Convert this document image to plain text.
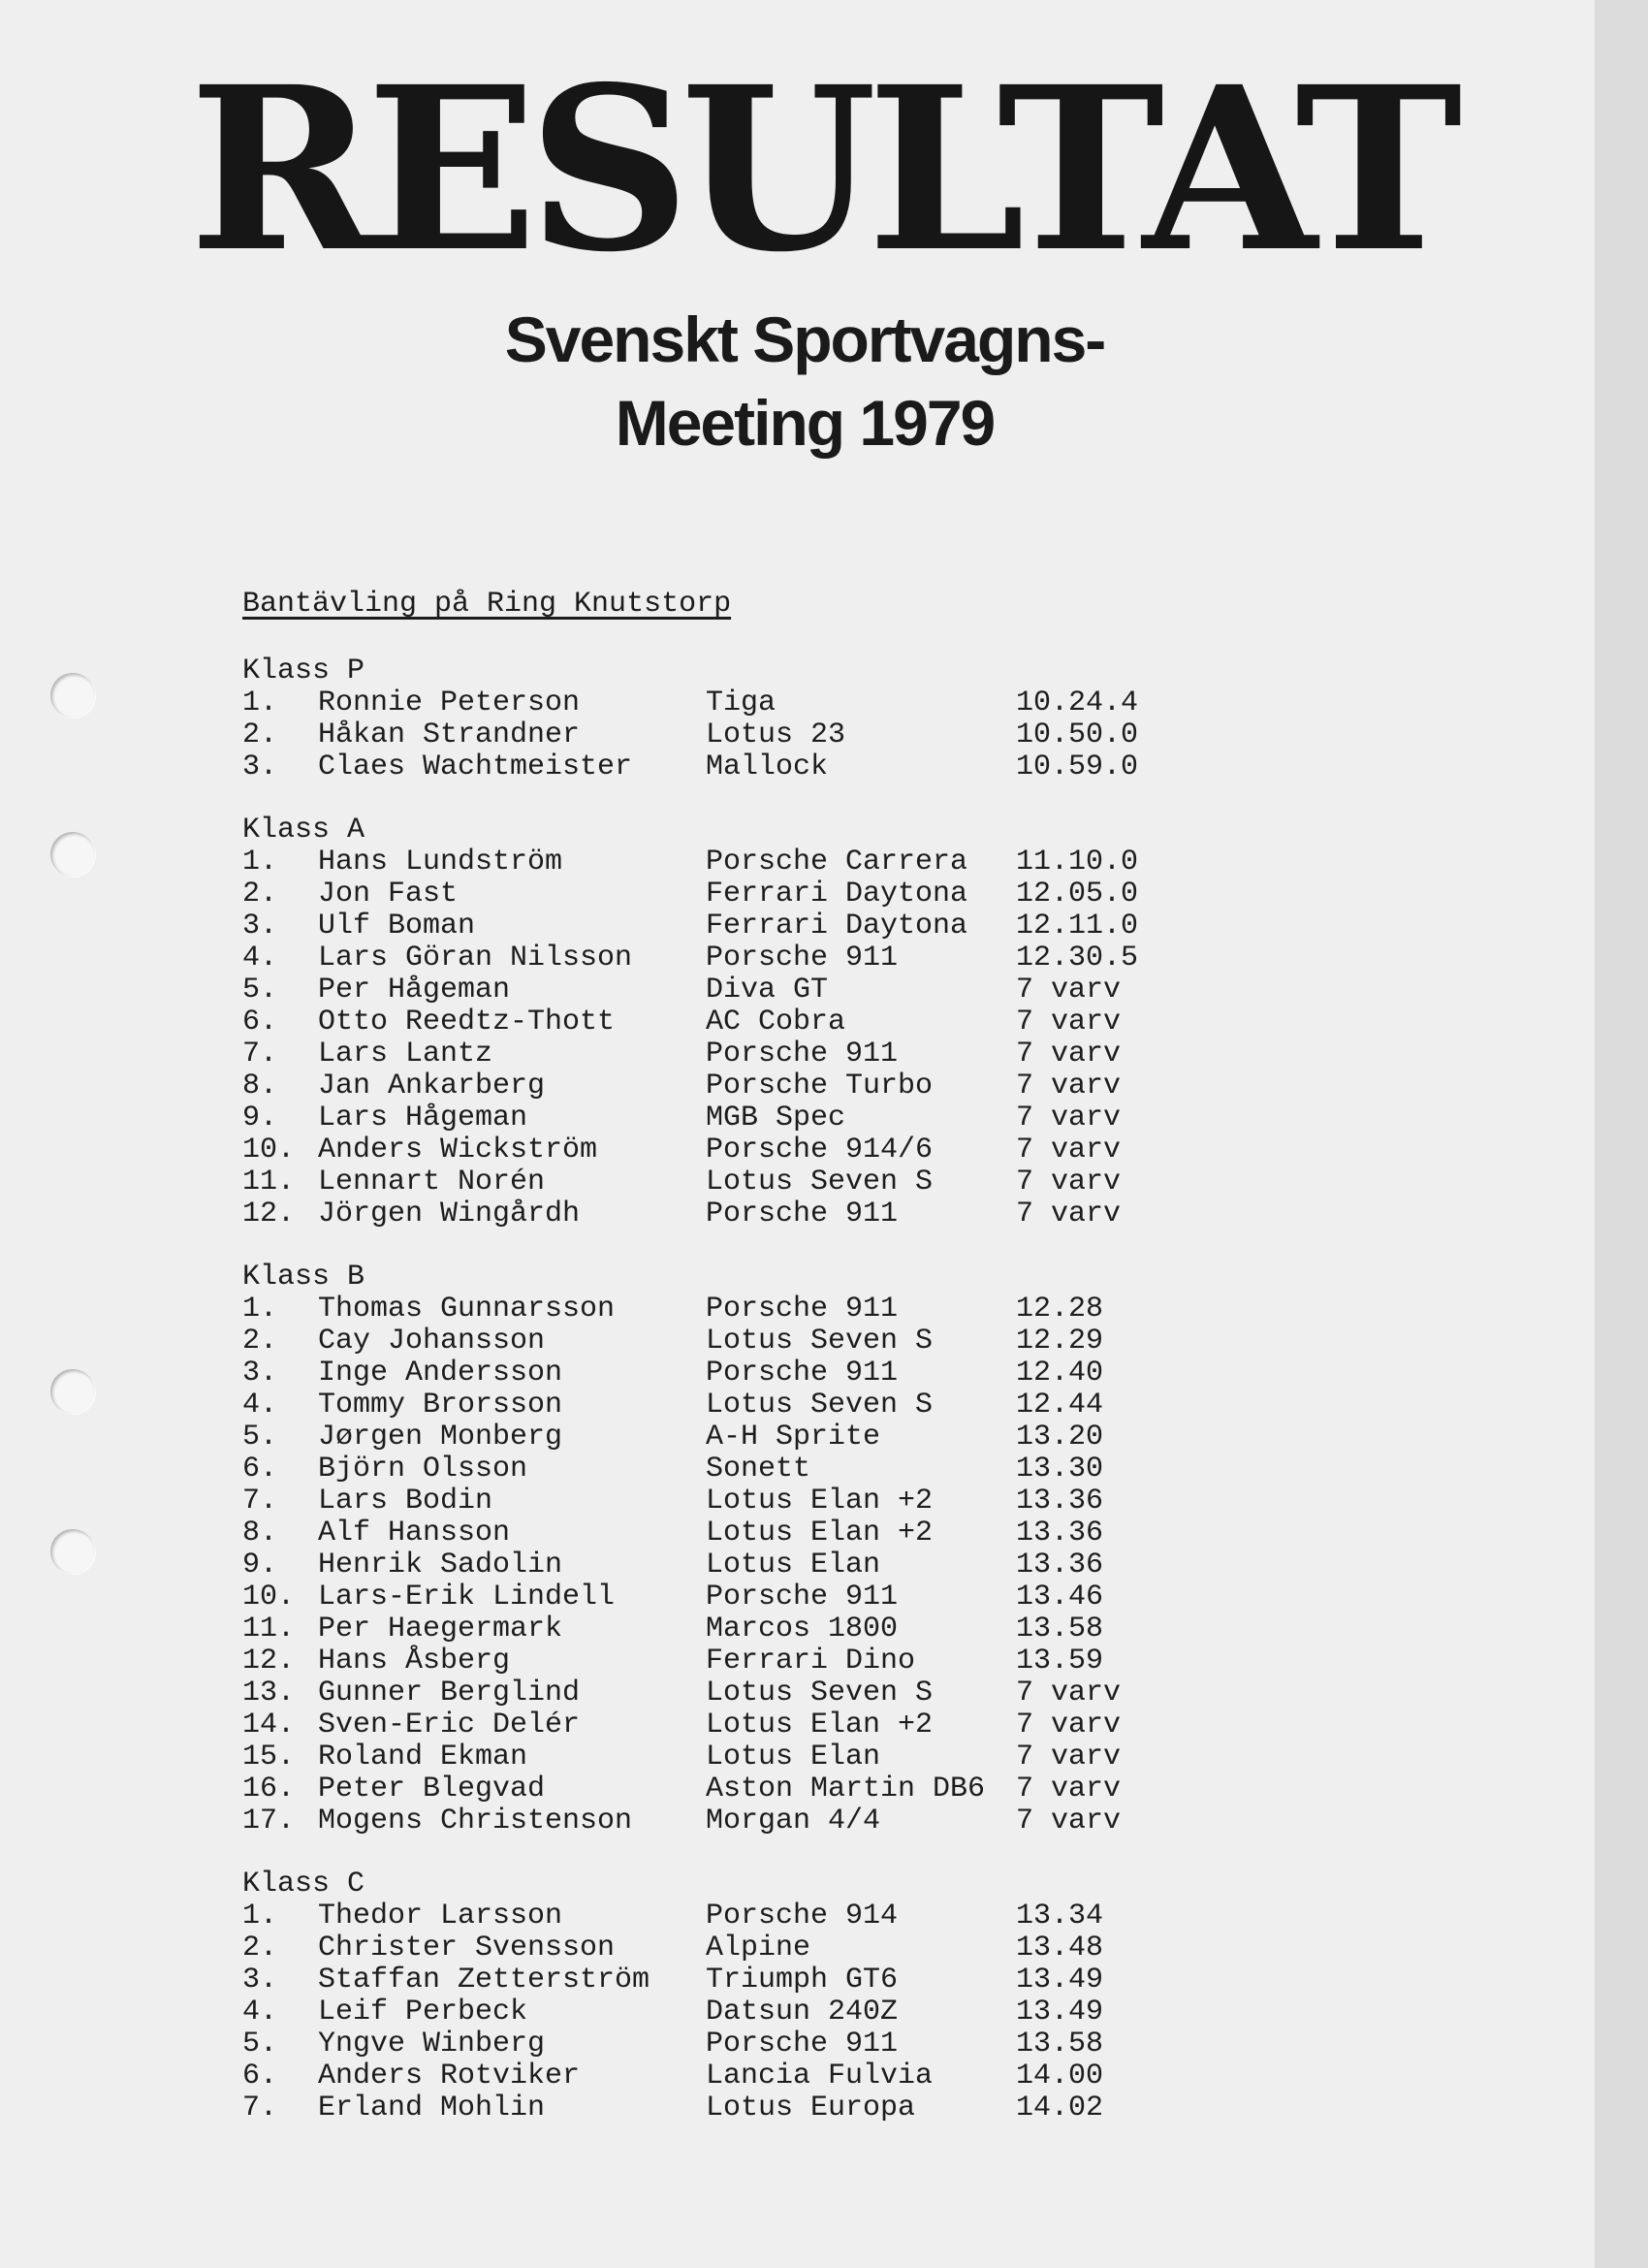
RESULTAT
Svenskt Sportvagns-
Meeting 1979
Bantävling på Ring Knutstorp
Klass P
1.	Ronnie Peterson	Tiga	10.24.4
2.	Håkan Strandner	Lotus 23	10.50.0
3.	Claes Wachtmeister	Mallock	10.59.0
Klass A
1.	Hans Lundström	Porsche Carrera	11.10.0
2.	Jon Fast	Ferrari Daytona	12.05.0
3.	Ulf Boman	Ferrari Daytona	12.11.0
4.	Lars Göran Nilsson	Porsche 911	12.30.5
5.	Per Hågeman	Diva GT	7 varv
6.	Otto Reedtz-Thott	AC Cobra	7 varv
7.	Lars Lantz	Porsche 911	7 varv
8.	Jan Ankarberg	Porsche Turbo	7 varv
9.	Lars Hågeman	MGB Spec	7 varv
10. Anders Wickström	Porsche 914/6	7 varv
11. Lennart Norén	Lotus Seven S	7 varv
12. Jörgen Wingårdh	Porsche 911	7 varv
Klass B
1.	Thomas Gunnarsson	Porsche 911	12.28
2.	Cay Johansson	Lotus Seven S	12.29
3.	Inge Andersson	Porsche 911	12.40
4.	Tommy Brorsson	Lotus Seven S	12.44
5.	Jørgen Monberg	A-H Sprite	13.20
6.	Björn Olsson	Sonett	13.30
7.	Lars Bodin	Lotus Elan +2	13.36
8.	Alf Hansson	Lotus Elan +2	13.36
9.	Henrik Sadolin	Lotus Elan	13.36
10. Lars-Erik Lindell	Porsche 911	13.46
11. Per Haegermark	Marcos 1800	13.58
12. Hans Åsberg	Ferrari Dino	13.59
13. Gunner Berglind	Lotus Seven S	7 varv
14. Sven-Eric Delér	Lotus Elan +2	7 varv
15. Roland Ekman	Lotus Elan	7 varv
16. Peter Blegvad	Aston Martin DB6	7 varv
17. Mogens Christenson	Morgan 4/4	7 varv
Klass C
1.	Thedor Larsson	Porsche 914	13.34
2.	Christer Svensson	Alpine	13.48
3.	Staffan Zetterström	Triumph GT6	13.49
4.	Leif Perbeck	Datsun 240Z	13.49
5.	Yngve Winberg	Porsche 911	13.58
6.	Anders Rotviker	Lancia Fulvia	14.00
7.	Erland Mohlin	Lotus Europa	14.02
